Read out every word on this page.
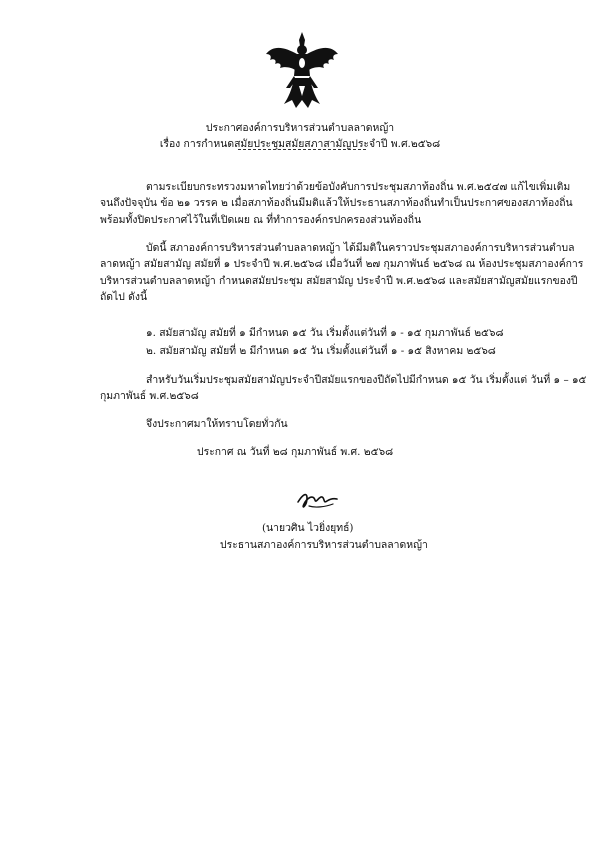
ประกาศองค์การบริหารส่วนตำบลลาดหญ้า
เรื่อง การกำหนดสมัยประชุมสมัยสภาสามัญประจำปี พ.ศ.๒๕๖๘

ตามระเบียบกระทรวงมหาดไทยว่าด้วยข้อบังคับการประชุมสภาท้องถิ่น พ.ศ.๒๕๔๗ แก้ไขเพิ่มเติมจนถึงปัจจุบัน ข้อ ๒๑ วรรค ๒ เมื่อสภาท้องถิ่นมีมติแล้วให้ประธานสภาท้องถิ่นทำเป็นประกาศของสภาท้องถิ่น พร้อมทั้งปิดประกาศไว้ในที่เปิดเผย ณ ที่ทำการองค์กรปกครองส่วนท้องถิ่น

บัดนี้ สภาองค์การบริหารส่วนตำบลลาดหญ้า ได้มีมติในคราวประชุมสภาองค์การบริหารส่วนตำบลลาดหญ้า สมัยสามัญ สมัยที่ ๑ ประจำปี พ.ศ.๒๕๖๘ เมื่อวันที่ ๒๗ กุมภาพันธ์ ๒๕๖๘ ณ ห้องประชุมสภาองค์การบริหารส่วนตำบลลาดหญ้า กำหนดสมัยประชุม สมัยสามัญ ประจำปี พ.ศ.๒๕๖๘ และสมัยสามัญสมัยแรกของปีถัดไป ดังนี้

๑. สมัยสามัญ สมัยที่ ๑ มีกำหนด ๑๕ วัน เริ่มตั้งแต่วันที่ ๑ - ๑๕ กุมภาพันธ์ ๒๕๖๘
๒. สมัยสามัญ สมัยที่ ๒ มีกำหนด ๑๕ วัน เริ่มตั้งแต่วันที่ ๑ - ๑๕ สิงหาคม ๒๕๖๘

สำหรับวันเริ่มประชุมสมัยสามัญประจำปีสมัยแรกของปีถัดไปมีกำหนด ๑๕ วัน เริ่มตั้งแต่ วันที่ ๑ – ๑๕ กุมภาพันธ์ พ.ศ.๒๕๖๘

จึงประกาศมาให้ทราบโดยทั่วกัน
ประกาศ ณ วันที่ ๒๘ กุมภาพันธ์ พ.ศ. ๒๕๖๘
(นายวศิน ไวยิ่งยุทธ์)
ประธานสภาองค์การบริหารส่วนตำบลลาดหญ้า
